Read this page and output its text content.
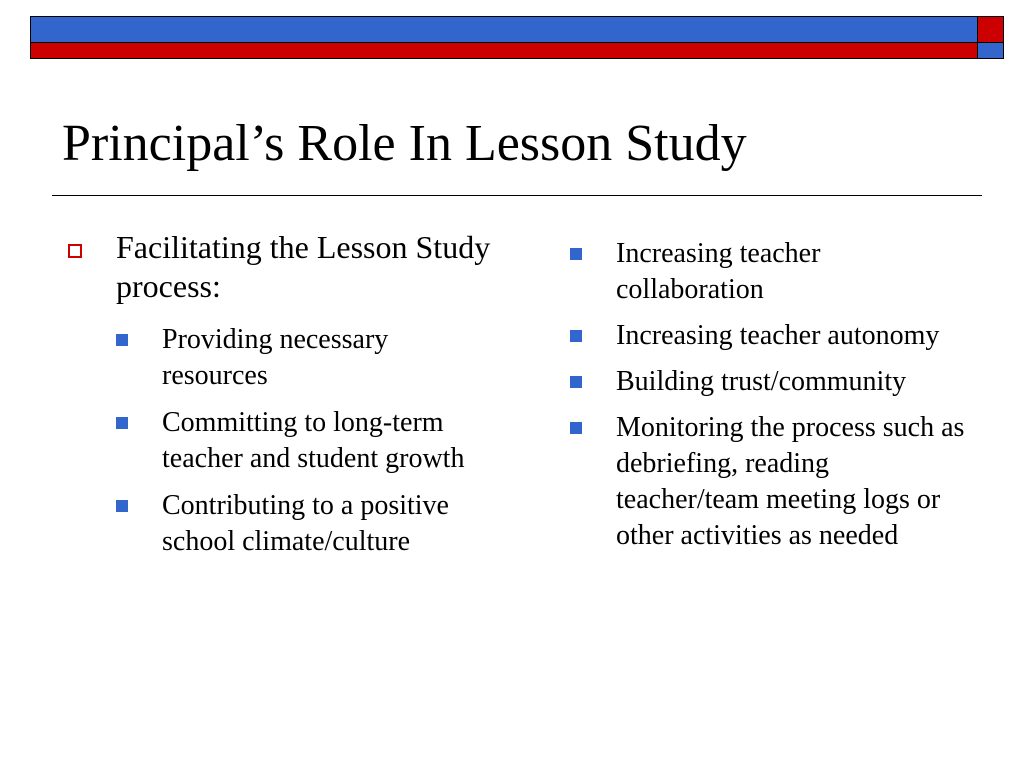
Principal’s Role In Lesson Study
Facilitating the Lesson Study process:
Providing necessary resources
Committing to long-term teacher and student growth
Contributing to a positive school climate/culture
Increasing teacher collaboration
Increasing teacher autonomy
Building trust/community
Monitoring the process such as debriefing, reading teacher/team meeting logs or other activities as needed
